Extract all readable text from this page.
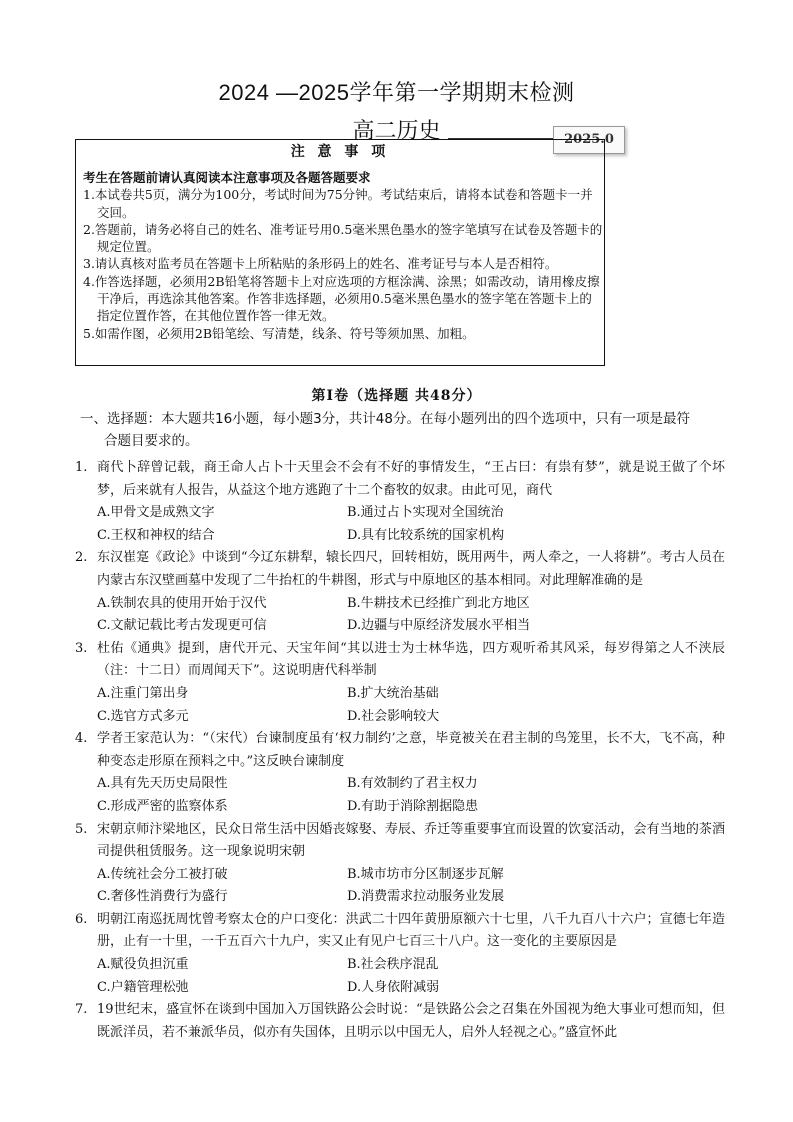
2024 —2025学年第一学期期末检测
高二历史	2025.0
注 意 事 项
考生在答题前请认真阅读本注意事项及各题答题要求
1.本试卷共5页，满分为100分，考试时间为75分钟。考试结束后，请将本试卷和答题卡一并交回。
2.答题前，请务必将自己的姓名、准考证号用0.5毫米黑色墨水的签字笔填写在试卷及答题卡的规定位置。
3.请认真核对监考员在答题卡上所粘贴的条形码上的姓名、准考证号与本人是否相符。
4.作答选择题，必须用2B铅笔将答题卡上对应选项的方框涂满、涂黑；如需改动，请用橡皮擦干净后，再选涂其他答案。作答非选择题，必须用0.5毫米黑色墨水的签字笔在答题卡上的指定位置作答，在其他位置作答一律无效。
5.如需作图，必须用2B铅笔绘、写清楚，线条、符号等须加黑、加粗。
第Ⅰ卷（选择题 共48分）
一、选择题：本大题共16小题，每小题3分，共计48分。在每小题列出的四个选项中，只有一项是最符
合题目要求的。
1. 商代卜辞曾记载，商王命人占卜十天里会不会有不好的事情发生，“王占曰：有祟有梦”，就是说王做了个坏梦，后来就有人报告，从益这个地方逃跑了十二个畜牧的奴隶。由此可见，商代
A.甲骨文是成熟文字	B.通过占卜实现对全国统治
C.王权和神权的结合	D.具有比较系统的国家机构
2. 东汉崔寔《政论》中谈到“今辽东耕犁，辕长四尺，回转相妨，既用两牛，两人牵之，一人将耕”。考古人员在内蒙古东汉壁画墓中发现了二牛抬杠的牛耕图，形式与中原地区的基本相同。对此理解准确的是
A.铁制农具的使用开始于汉代	B.牛耕技术已经推广到北方地区
C.文献记载比考古发现更可信	D.边疆与中原经济发展水平相当
3. 杜佑《通典》提到，唐代开元、天宝年间“其以进士为士林华选，四方观听希其风采，每岁得第之人不浃辰（注：十二日）而周闻天下”。这说明唐代科举制
A.注重门第出身	B.扩大统治基础
C.选官方式多元	D.社会影响较大
4. 学者王家范认为：“（宋代）台谏制度虽有‘权力制约’之意，毕竟被关在君主制的鸟笼里，长不大，飞不高，种种变态走形原在预料之中。”这反映台谏制度
A.具有先天历史局限性	B.有效制约了君主权力
C.形成严密的监察体系	D.有助于消除割据隐患
5. 宋朝京师汴梁地区，民众日常生活中因婚丧嫁娶、寿辰、乔迁等重要事宜而设置的饮宴活动，会有当地的茶酒司提供租赁服务。这一现象说明宋朝
A.传统社会分工被打破	B.城市坊市分区制逐步瓦解
C.奢侈性消费行为盛行	D.消费需求拉动服务业发展
6. 明朝江南巡抚周忱曾考察太仓的户口变化：洪武二十四年黄册原额六十七里，八千九百八十六户；宣德七年造册，止有一十里，一千五百六十九户，实又止有见户七百三十八户。这一变化的主要原因是
A.赋役负担沉重	B.社会秩序混乱
C.户籍管理松弛	D.人身依附减弱
7. 19世纪末，盛宣怀在谈到中国加入万国铁路公会时说：“是铁路公会之召集在外国视为绝大事业可想而知，但既派洋员，若不兼派华员，似亦有失国体，且明示以中国无人，启外人轻视之心。”盛宣怀此
